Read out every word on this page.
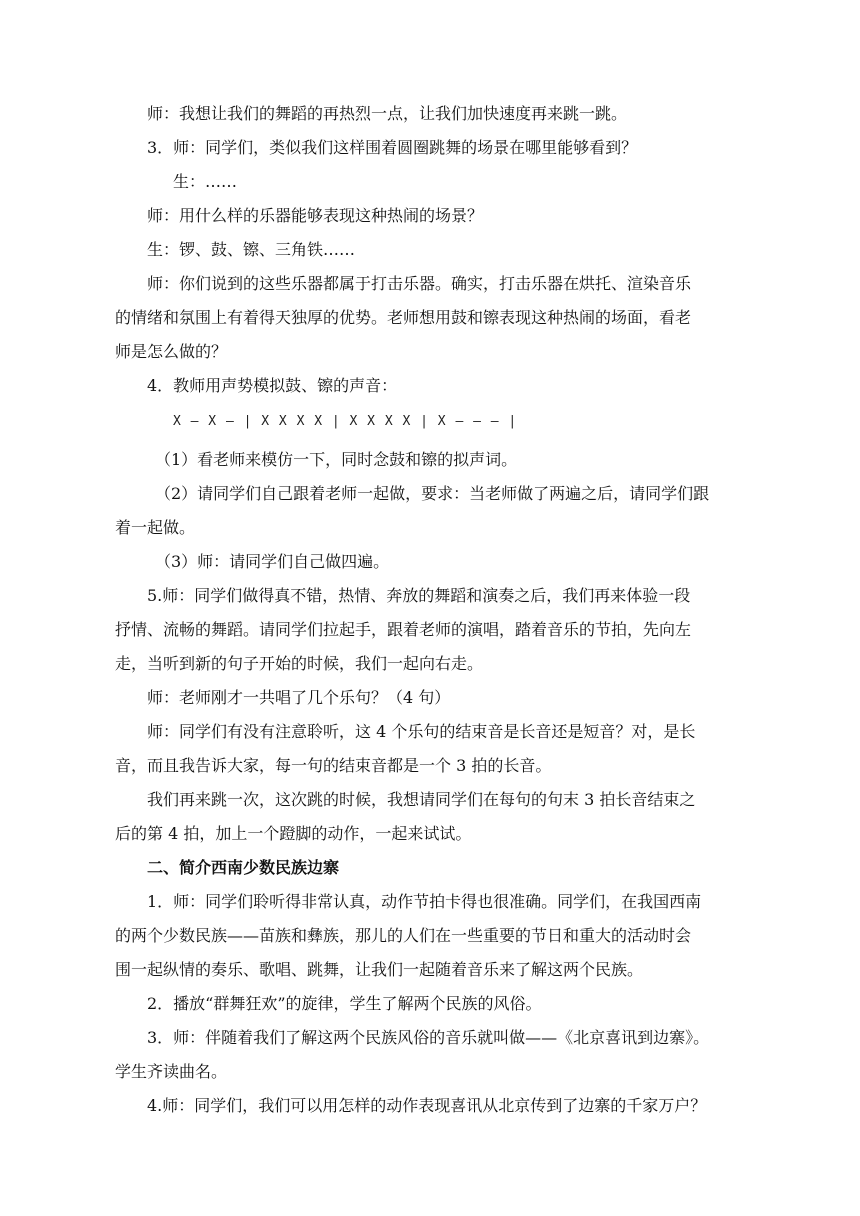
师：我想让我们的舞蹈的再热烈一点，让我们加快速度再来跳一跳。

3．师：同学们，类似我们这样围着圆圈跳舞的场景在哪里能够看到？

生：……

师：用什么样的乐器能够表现这种热闹的场景？

生：锣、鼓、镲、三角铁……

师：你们说到的这些乐器都属于打击乐器。确实，打击乐器在烘托、渲染音乐
的情绪和氛围上有着得天独厚的优势。老师想用鼓和镲表现这种热闹的场面，看老
师是怎么做的？

4．教师用声势模拟鼓、镲的声音：

X — X — | X X X X | X X X X | X — — — |

（1）看老师来模仿一下，同时念鼓和镲的拟声词。

（2）请同学们自己跟着老师一起做，要求：当老师做了两遍之后，请同学们跟
着一起做。

（3）师：请同学们自己做四遍。

5.师：同学们做得真不错，热情、奔放的舞蹈和演奏之后，我们再来体验一段
抒情、流畅的舞蹈。请同学们拉起手，跟着老师的演唱，踏着音乐的节拍，先向左
走，当听到新的句子开始的时候，我们一起向右走。

师：老师刚才一共唱了几个乐句？（4 句）

师：同学们有没有注意聆听，这 4 个乐句的结束音是长音还是短音？对，是长
音，而且我告诉大家，每一句的结束音都是一个 3 拍的长音。
我们再来跳一次，这次跳的时候，我想请同学们在每句的句末 3 拍长音结束之
后的第 4 拍，加上一个蹬脚的动作，一起来试试。

二、简介西南少数民族边寨

1．师：同学们聆听得非常认真，动作节拍卡得也很准确。同学们，在我国西南
的两个少数民族——苗族和彝族，那儿的人们在一些重要的节日和重大的活动时会
围一起纵情的奏乐、歌唱、跳舞，让我们一起随着音乐来了解这两个民族。

2．播放“群舞狂欢”的旋律，学生了解两个民族的风俗。

3．师：伴随着我们了解这两个民族风俗的音乐就叫做——《北京喜讯到边寨》。
学生齐读曲名。

4.师：同学们，我们可以用怎样的动作表现喜讯从北京传到了边寨的千家万户？
